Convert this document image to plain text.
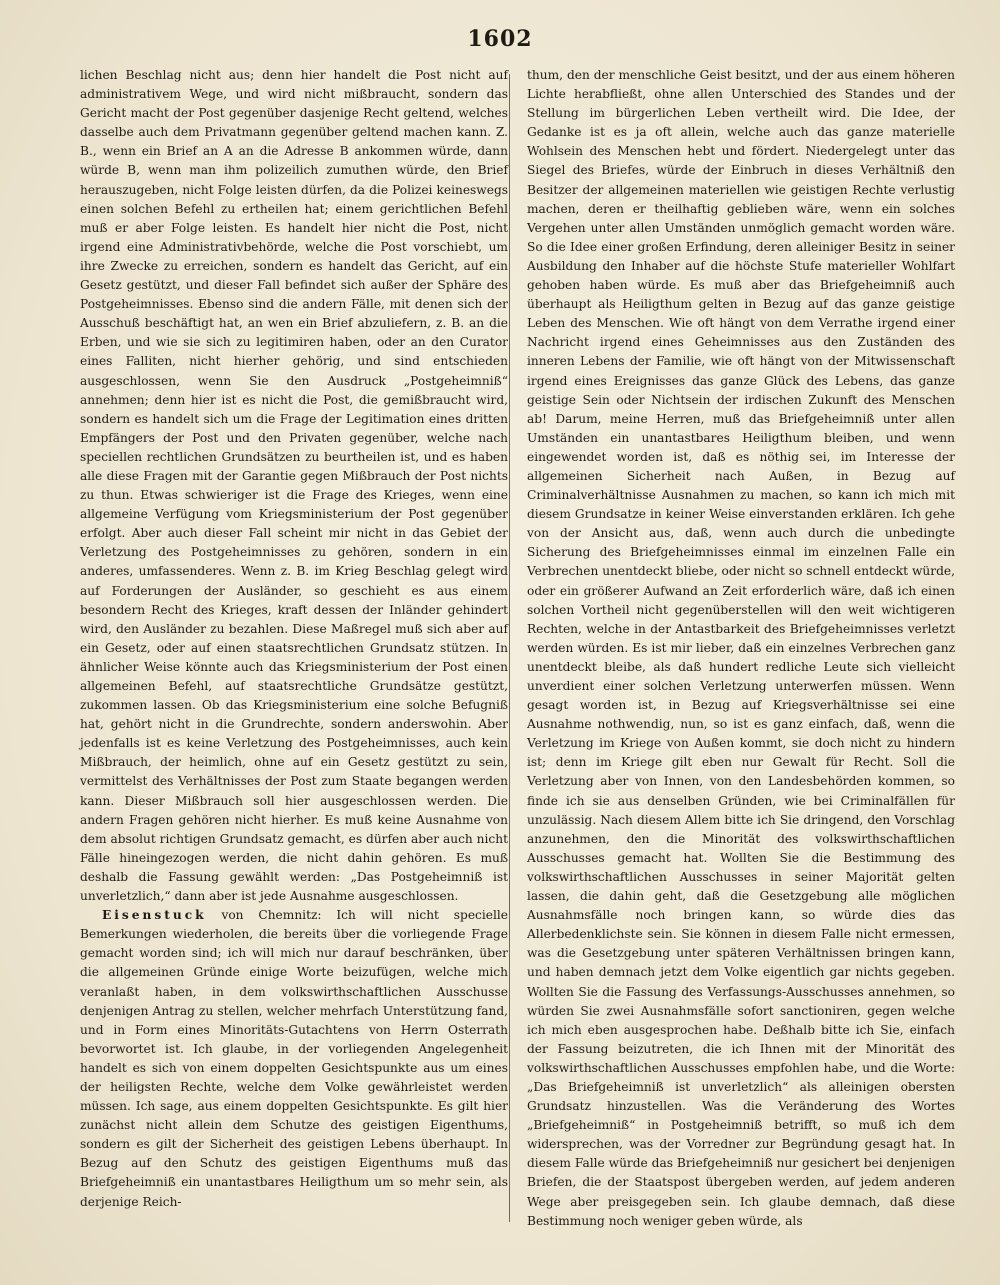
1602

lichen Beschlag nicht aus; denn hier handelt die Post nicht auf administrativem Wege, und wird nicht mißbraucht, sondern das Gericht macht der Post gegenüber dasjenige Recht geltend, welches dasselbe auch dem Privatmann gegenüber geltend machen kann. Z. B., wenn ein Brief an A an die Adresse B ankommen würde, dann würde B, wenn man ihm polizeilich zumuthen würde, den Brief herauszugeben, nicht Folge leisten dürfen, da die Polizei keineswegs einen solchen Befehl zu ertheilen hat; einem gerichtlichen Befehl muß er aber Folge leisten. Es handelt hier nicht die Post, nicht irgend eine Administrativbehörde, welche die Post vorschiebt, um ihre Zwecke zu erreichen, sondern es handelt das Gericht, auf ein Gesetz gestützt, und dieser Fall befindet sich außer der Sphäre des Postgeheimnisses. Ebenso sind die andern Fälle, mit denen sich der Ausschuß beschäftigt hat, an wen ein Brief abzuliefern, z. B. an die Erben, und wie sie sich zu legitimiren haben, oder an den Curator eines Falliten, nicht hierher gehörig, und sind entschieden ausgeschlossen, wenn Sie den Ausdruck „Postgeheimniß“ annehmen; denn hier ist es nicht die Post, die gemißbraucht wird, sondern es handelt sich um die Frage der Legitimation eines dritten Empfängers der Post und den Privaten gegenüber, welche nach speciellen rechtlichen Grundsätzen zu beurtheilen ist, und es haben alle diese Fragen mit der Garantie gegen Mißbrauch der Post nichts zu thun. Etwas schwieriger ist die Frage des Krieges, wenn eine allgemeine Verfügung vom Kriegsministerium der Post gegenüber erfolgt. Aber auch dieser Fall scheint mir nicht in das Gebiet der Verletzung des Postgeheimnisses zu gehören, sondern in ein anderes, umfassenderes. Wenn z. B. im Krieg Beschlag gelegt wird auf Forderungen der Ausländer, so geschieht es aus einem besondern Recht des Krieges, kraft dessen der Inländer gehindert wird, den Ausländer zu bezahlen. Diese Maßregel muß sich aber auf ein Gesetz, oder auf einen staatsrechtlichen Grundsatz stützen. In ähnlicher Weise könnte auch das Kriegsministerium der Post einen allgemeinen Befehl, auf staatsrechtliche Grundsätze gestützt, zukommen lassen. Ob das Kriegsministerium eine solche Befugniß hat, gehört nicht in die Grundrechte, sondern anderswohin. Aber jedenfalls ist es keine Verletzung des Postgeheimnisses, auch kein Mißbrauch, der heimlich, ohne auf ein Gesetz gestützt zu sein, vermittelst des Verhältnisses der Post zum Staate begangen werden kann. Dieser Mißbrauch soll hier ausgeschlossen werden. Die andern Fragen gehören nicht hierher. Es muß keine Ausnahme von dem absolut richtigen Grundsatz gemacht, es dürfen aber auch nicht Fälle hineingezogen werden, die nicht dahin gehören. Es muß deshalb die Fassung gewählt werden: „Das Postgeheimniß ist unverletzlich,“ dann aber ist jede Ausnahme ausgeschlossen.

Eisenstuck von Chemnitz: Ich will nicht specielle Bemerkungen wiederholen, die bereits über die vorliegende Frage gemacht worden sind; ich will mich nur darauf beschränken, über die allgemeinen Gründe einige Worte beizufügen, welche mich veranlaßt haben, in dem volkswirthschaftlichen Ausschusse denjenigen Antrag zu stellen, welcher mehrfach Unterstützung fand, und in Form eines Minoritäts-Gutachtens von Herrn Osterrath bevorwortet ist. Ich glaube, in der vorliegenden Angelegenheit handelt es sich von einem doppelten Gesichtspunkte aus um eines der heiligsten Rechte, welche dem Volke gewährleistet werden müssen. Ich sage, aus einem doppelten Gesichtspunkte. Es gilt hier zunächst nicht allein dem Schutze des geistigen Eigenthums, sondern es gilt der Sicherheit des geistigen Lebens überhaupt. In Bezug auf den Schutz des geistigen Eigenthums muß das Briefgeheimniß ein unantastbares Heiligthum um so mehr sein, als derjenige Reich-

thum, den der menschliche Geist besitzt, und der aus einem höheren Lichte herabfließt, ohne allen Unterschied des Standes und der Stellung im bürgerlichen Leben vertheilt wird. Die Idee, der Gedanke ist es ja oft allein, welche auch das ganze materielle Wohlsein des Menschen hebt und fördert. Niedergelegt unter das Siegel des Briefes, würde der Einbruch in dieses Verhältniß den Besitzer der allgemeinen materiellen wie geistigen Rechte verlustig machen, deren er theilhaftig geblieben wäre, wenn ein solches Vergehen unter allen Umständen unmöglich gemacht worden wäre. So die Idee einer großen Erfindung, deren alleiniger Besitz in seiner Ausbildung den Inhaber auf die höchste Stufe materieller Wohlfart gehoben haben würde. Es muß aber das Briefgeheimniß auch überhaupt als Heiligthum gelten in Bezug auf das ganze geistige Leben des Menschen. Wie oft hängt von dem Verrathe irgend einer Nachricht irgend eines Geheimnisses aus den Zuständen des inneren Lebens der Familie, wie oft hängt von der Mitwissenschaft irgend eines Ereignisses das ganze Glück des Lebens, das ganze geistige Sein oder Nichtsein der irdischen Zukunft des Menschen ab! Darum, meine Herren, muß das Briefgeheimniß unter allen Umständen ein unantastbares Heiligthum bleiben, und wenn eingewendet worden ist, daß es nöthig sei, im Interesse der allgemeinen Sicherheit nach Außen, in Bezug auf Criminalverhältnisse Ausnahmen zu machen, so kann ich mich mit diesem Grundsatze in keiner Weise einverstanden erklären. Ich gehe von der Ansicht aus, daß, wenn auch durch die unbedingte Sicherung des Briefgeheimnisses einmal im einzelnen Falle ein Verbrechen unentdeckt bliebe, oder nicht so schnell entdeckt würde, oder ein größerer Aufwand an Zeit erforderlich wäre, daß ich einen solchen Vortheil nicht gegenüberstellen will den weit wichtigeren Rechten, welche in der Antastbarkeit des Briefgeheimnisses verletzt werden würden. Es ist mir lieber, daß ein einzelnes Verbrechen ganz unentdeckt bleibe, als daß hundert redliche Leute sich vielleicht unverdient einer solchen Verletzung unterwerfen müssen. Wenn gesagt worden ist, in Bezug auf Kriegsverhältnisse sei eine Ausnahme nothwendig, nun, so ist es ganz einfach, daß, wenn die Verletzung im Kriege von Außen kommt, sie doch nicht zu hindern ist; denn im Kriege gilt eben nur Gewalt für Recht. Soll die Verletzung aber von Innen, von den Landesbehörden kommen, so finde ich sie aus denselben Gründen, wie bei Criminalfällen für unzulässig. Nach diesem Allem bitte ich Sie dringend, den Vorschlag anzunehmen, den die Minorität des volkswirthschaftlichen Ausschusses gemacht hat. Wollten Sie die Bestimmung des volkswirthschaftlichen Ausschusses in seiner Majorität gelten lassen, die dahin geht, daß die Gesetzgebung alle möglichen Ausnahmsfälle noch bringen kann, so würde dies das Allerbedenklichste sein. Sie können in diesem Falle nicht ermessen, was die Gesetzgebung unter späteren Verhältnissen bringen kann, und haben demnach jetzt dem Volke eigentlich gar nichts gegeben. Wollten Sie die Fassung des Verfassungs-Ausschusses annehmen, so würden Sie zwei Ausnahmsfälle sofort sanctioniren, gegen welche ich mich eben ausgesprochen habe. Deßhalb bitte ich Sie, einfach der Fassung beizutreten, die ich Ihnen mit der Minorität des volkswirthschaftlichen Ausschusses empfohlen habe, und die Worte: „Das Briefgeheimniß ist unverletzlich“ als alleinigen obersten Grundsatz hinzustellen. Was die Veränderung des Wortes „Briefgeheimniß“ in Postgeheimniß betrifft, so muß ich dem widersprechen, was der Vorredner zur Begründung gesagt hat. In diesem Falle würde das Briefgeheimniß nur gesichert bei denjenigen Briefen, die der Staatspost übergeben werden, auf jedem anderen Wege aber preisgegeben sein. Ich glaube demnach, daß diese Bestimmung noch weniger geben würde, als
